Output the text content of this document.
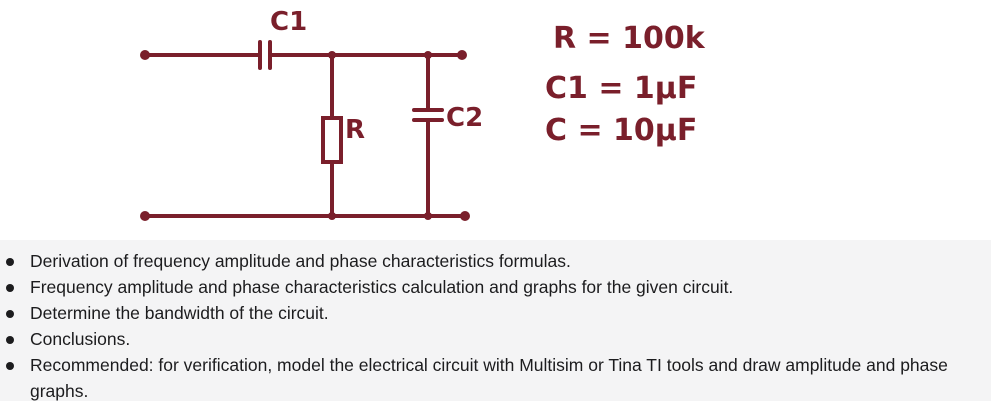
C1
R	C2
R = 100k
C1 = 1μF
C = 10μF
Derivation of frequency amplitude and phase characteristics formulas.
Frequency amplitude and phase characteristics calculation and graphs for the given circuit.
Determine the bandwidth of the circuit.
Conclusions.
Recommended: for verification, model the electrical circuit with Multisim or Tina TI tools and draw amplitude and phase graphs.
